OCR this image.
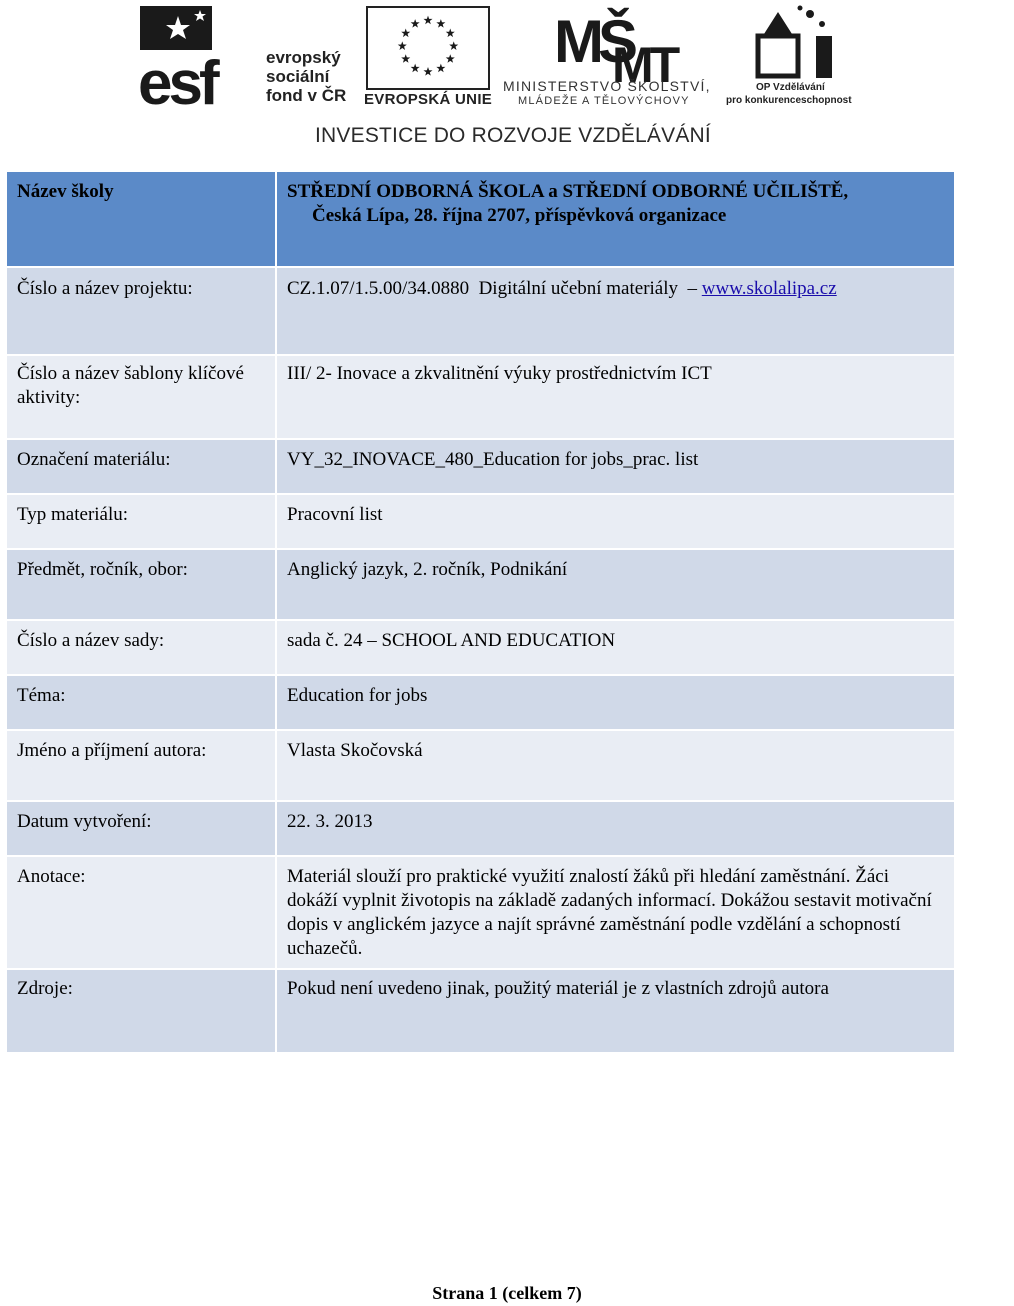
esf	evropský
sociální
fond v ČR EVROPSKÁ UNIE
MŠ
MT
MINISTERSTVO ŠKOLSTVÍ,
MLÁDEŽE A TĚLOVÝCHOVY
OP Vzdělávání
pro konkurenceschopnost
INVESTICE DO ROZVOJE VZDĚLÁVÁNÍ
Název školy	STŘEDNÍ ODBORNÁ ŠKOLA a STŘEDNÍ ODBORNÉ UČILIŠTĚ,
Česká Lípa, 28. října 2707, příspěvková organizace

Číslo a název projektu:	CZ.1.07/1.5.00/34.0880  Digitální učební materiály  – www.skolalipa.cz
Číslo a název šablony klíčové aktivity:	III/ 2- Inovace a zkvalitnění výuky prostřednictvím ICT
Označení materiálu:	VY_32_INOVACE_480_Education for jobs_prac. list
Typ materiálu:	Pracovní list
Předmět, ročník, obor:	Anglický jazyk, 2. ročník, Podnikání
Číslo a název sady:	sada č. 24 – SCHOOL AND EDUCATION
Téma:	Education for jobs
Jméno a příjmení autora:	Vlasta Skočovská
Datum vytvoření:	22. 3. 2013
Anotace:	Materiál slouží pro praktické využití znalostí žáků při hledání zaměstnání. Žáci dokáží vyplnit životopis na základě zadaných informací. Dokážou sestavit motivační dopis v anglickém jazyce a najít správné zaměstnání podle vzdělání a schopností uchazečů.
Zdroje:	Pokud není uvedeno jinak, použitý materiál je z vlastních zdrojů autora
Strana 1 (celkem 7)
